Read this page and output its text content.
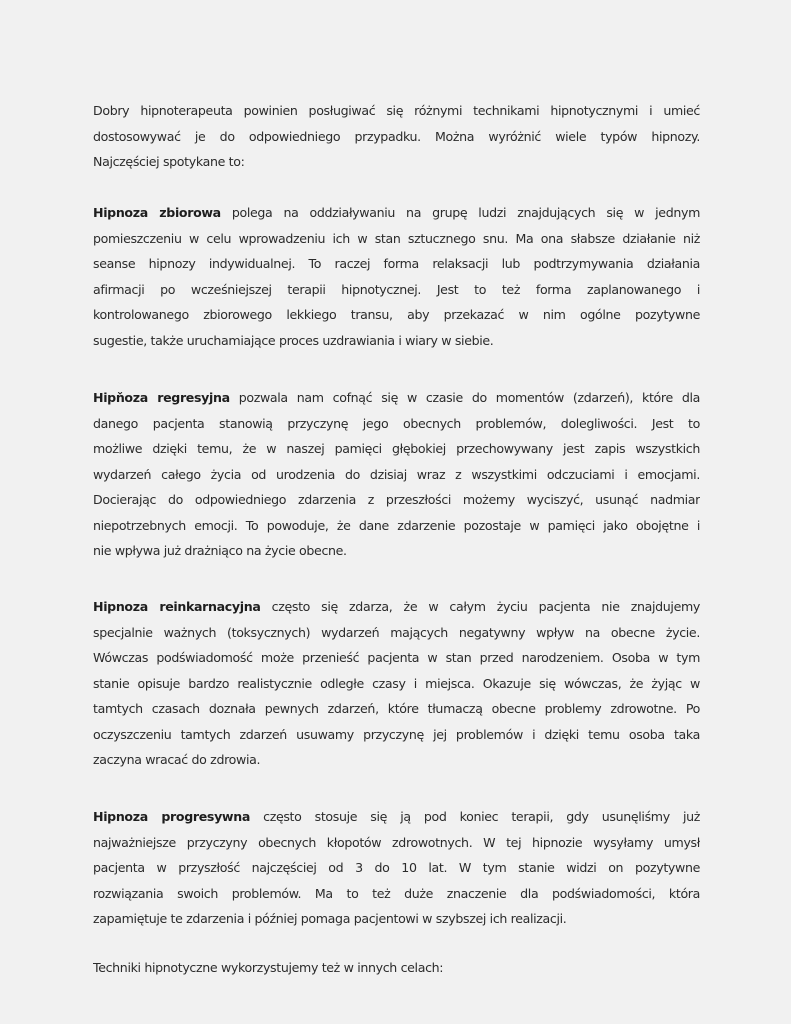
Dobry hipnoterapeuta powinien posługiwać się różnymi technikami hipnotycznymi i umieć
dostosowywać je do odpowiedniego przypadku. Można wyróżnić wiele typów hipnozy.
Najczęściej spotykane to:
Hipnoza zbiorowa polega na oddziaływaniu na grupę ludzi znajdujących się w jednym
pomieszczeniu w celu wprowadzeniu ich w stan sztucznego snu. Ma ona słabsze działanie niż
seanse hipnozy indywidualnej. To raczej forma relaksacji lub podtrzymywania działania
afirmacji po wcześniejszej terapii hipnotycznej. Jest to też forma zaplanowanego i
kontrolowanego zbiorowego lekkiego transu, aby przekazać w nim ogólne pozytywne
sugestie, także uruchamiające proces uzdrawiania i wiary w siebie.
Hipňoza regresyjna pozwala nam cofnąć się w czasie do momentów (zdarzeń), które dla
danego pacjenta stanowią przyczynę jego obecnych problemów, dolegliwości. Jest to
możliwe dzięki temu, że w naszej pamięci głębokiej przechowywany jest zapis wszystkich
wydarzeń całego życia od urodzenia do dzisiaj wraz z wszystkimi odczuciami i emocjami.
Docierając do odpowiedniego zdarzenia z przeszłości możemy wyciszyć, usunąć nadmiar
niepotrzebnych emocji. To powoduje, że dane zdarzenie pozostaje w pamięci jako obojętne i
nie wpływa już drażniąco na życie obecne.
Hipnoza reinkarnacyjna często się zdarza, że w całym życiu pacjenta nie znajdujemy
specjalnie ważnych (toksycznych) wydarzeń mających negatywny wpływ na obecne życie.
Wówczas podświadomość może przenieść pacjenta w stan przed narodzeniem. Osoba w tym
stanie opisuje bardzo realistycznie odległe czasy i miejsca. Okazuje się wówczas, że żyjąc w
tamtych czasach doznała pewnych zdarzeń, które tłumaczą obecne problemy zdrowotne. Po
oczyszczeniu tamtych zdarzeń usuwamy przyczynę jej problemów i dzięki temu osoba taka
zaczyna wracać do zdrowia.
Hipnoza progresywna często stosuje się ją pod koniec terapii, gdy usunęliśmy już
najważniejsze przyczyny obecnych kłopotów zdrowotnych. W tej hipnozie wysyłamy umysł
pacjenta w przyszłość najczęściej od 3 do 10 lat. W tym stanie widzi on pozytywne
rozwiązania swoich problemów. Ma to też duże znaczenie dla podświadomości, która
zapamiętuje te zdarzenia i później pomaga pacjentowi w szybszej ich realizacji.
Techniki hipnotyczne wykorzystujemy też w innych celach:
